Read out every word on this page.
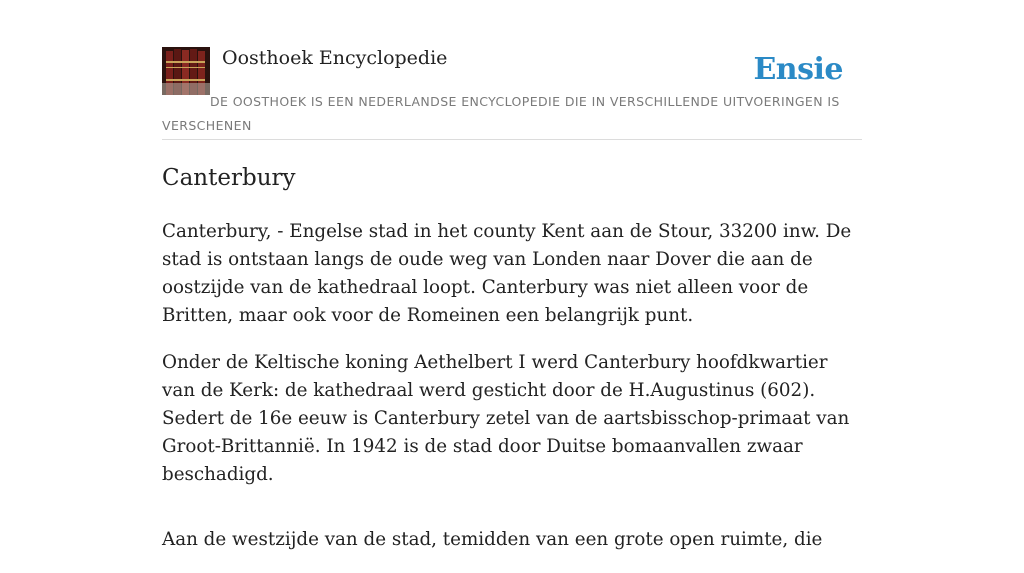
Oosthoek Encyclopedie	Ensie
DE OOSTHOEK IS EEN NEDERLANDSE ENCYCLOPEDIE DIE IN VERSCHILLENDE UITVOERINGEN IS VERSCHENEN
Canterbury

Canterbury, - Engelse stad in het county Kent aan de Stour, 33200 inw. De stad is ontstaan langs de oude weg van Londen naar Dover die aan de oostzijde van de kathedraal loopt. Canterbury was niet alleen voor de Britten, maar ook voor de Romeinen een belangrijk punt.

Onder de Keltische koning Aethelbert I werd Canterbury hoofdkwartier van de Kerk: de kathedraal werd gesticht door de H.Augustinus (602). Sedert de 16e eeuw is Canterbury zetel van de aartsbisschop-primaat van Groot-Brittannië. In 1942 is de stad door Duitse bomaanvallen zwaar beschadigd.

Aan de westzijde van de stad, temidden van een grote open ruimte, die
